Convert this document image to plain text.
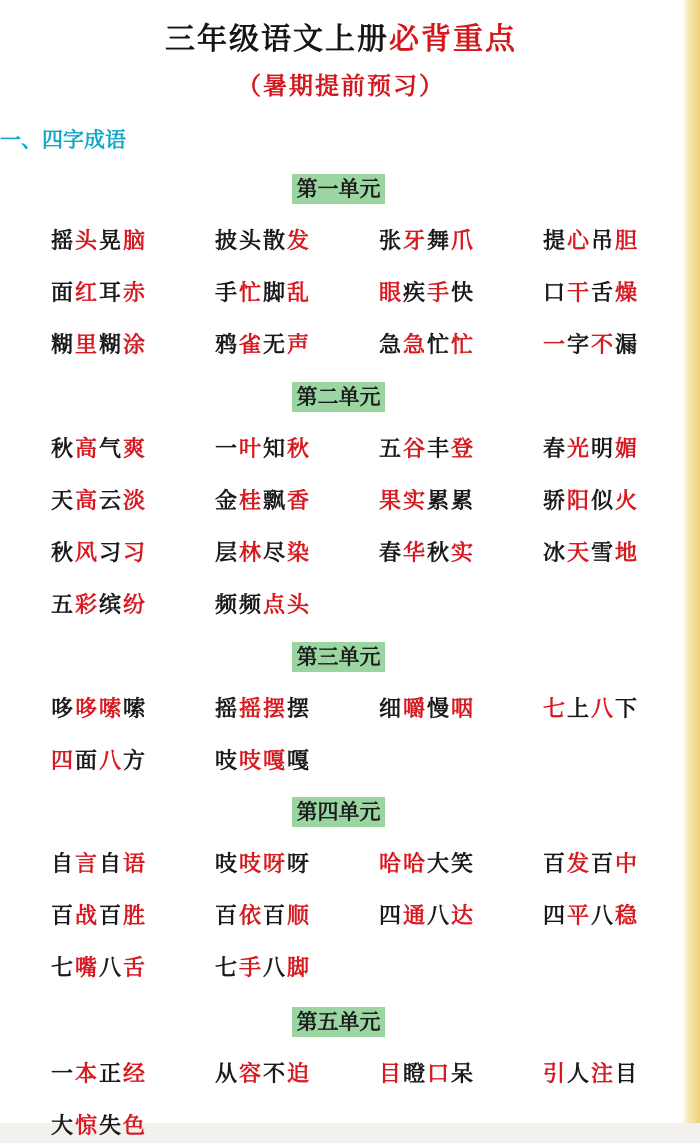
三年级语文上册必背重点
（暑期提前预习）
一、四字成语
第一单元
摇头晃脑	披头散发	张牙舞爪	提心吊胆
面红耳赤	手忙脚乱	眼疾手快	口干舌燥
糊里糊涂	鸦雀无声	急急忙忙	一字不漏
第二单元
秋高气爽	一叶知秋	五谷丰登	春光明媚
天高云淡	金桂飘香	果实累累	骄阳似火
秋风习习	层林尽染	春华秋实	冰天雪地
五彩缤纷	频频点头
第三单元
哆哆嗦嗦	摇摇摆摆	细嚼慢咽	七上八下
四面八方	吱吱嘎嘎
第四单元
自言自语	吱吱呀呀	哈哈大笑	百发百中
百战百胜	百依百顺	四通八达	四平八稳
七嘴八舌	七手八脚
第五单元
一本正经	从容不迫	目瞪口呆	引人注目
大惊失色
